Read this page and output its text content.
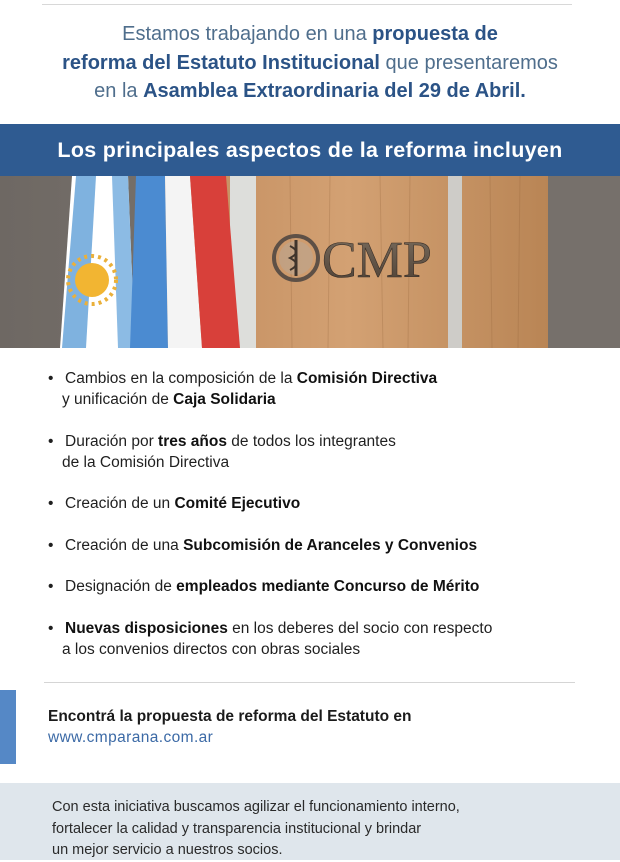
Estamos trabajando en una propuesta de
reforma del Estatuto Institucional que presentaremos
en la Asamblea Extraordinaria del 29 de Abril.
Los principales aspectos de la reforma incluyen
CMP
• Cambios en la composición de la Comisión Directiva
y unificación de Caja Solidaria
• Duración por tres años de todos los integrantes
de la Comisión Directiva
• Creación de un Comité Ejecutivo
• Creación de una Subcomisión de Aranceles y Convenios
• Designación de empleados mediante Concurso de Mérito
• Nuevas disposiciones en los deberes del socio con respecto
a los convenios directos con obras sociales
Encontrá la propuesta de reforma del Estatuto en
www.cmparana.com.ar

Con esta iniciativa buscamos agilizar el funcionamiento interno,
fortalecer la calidad y transparencia institucional y brindar
un mejor servicio a nuestros socios.
